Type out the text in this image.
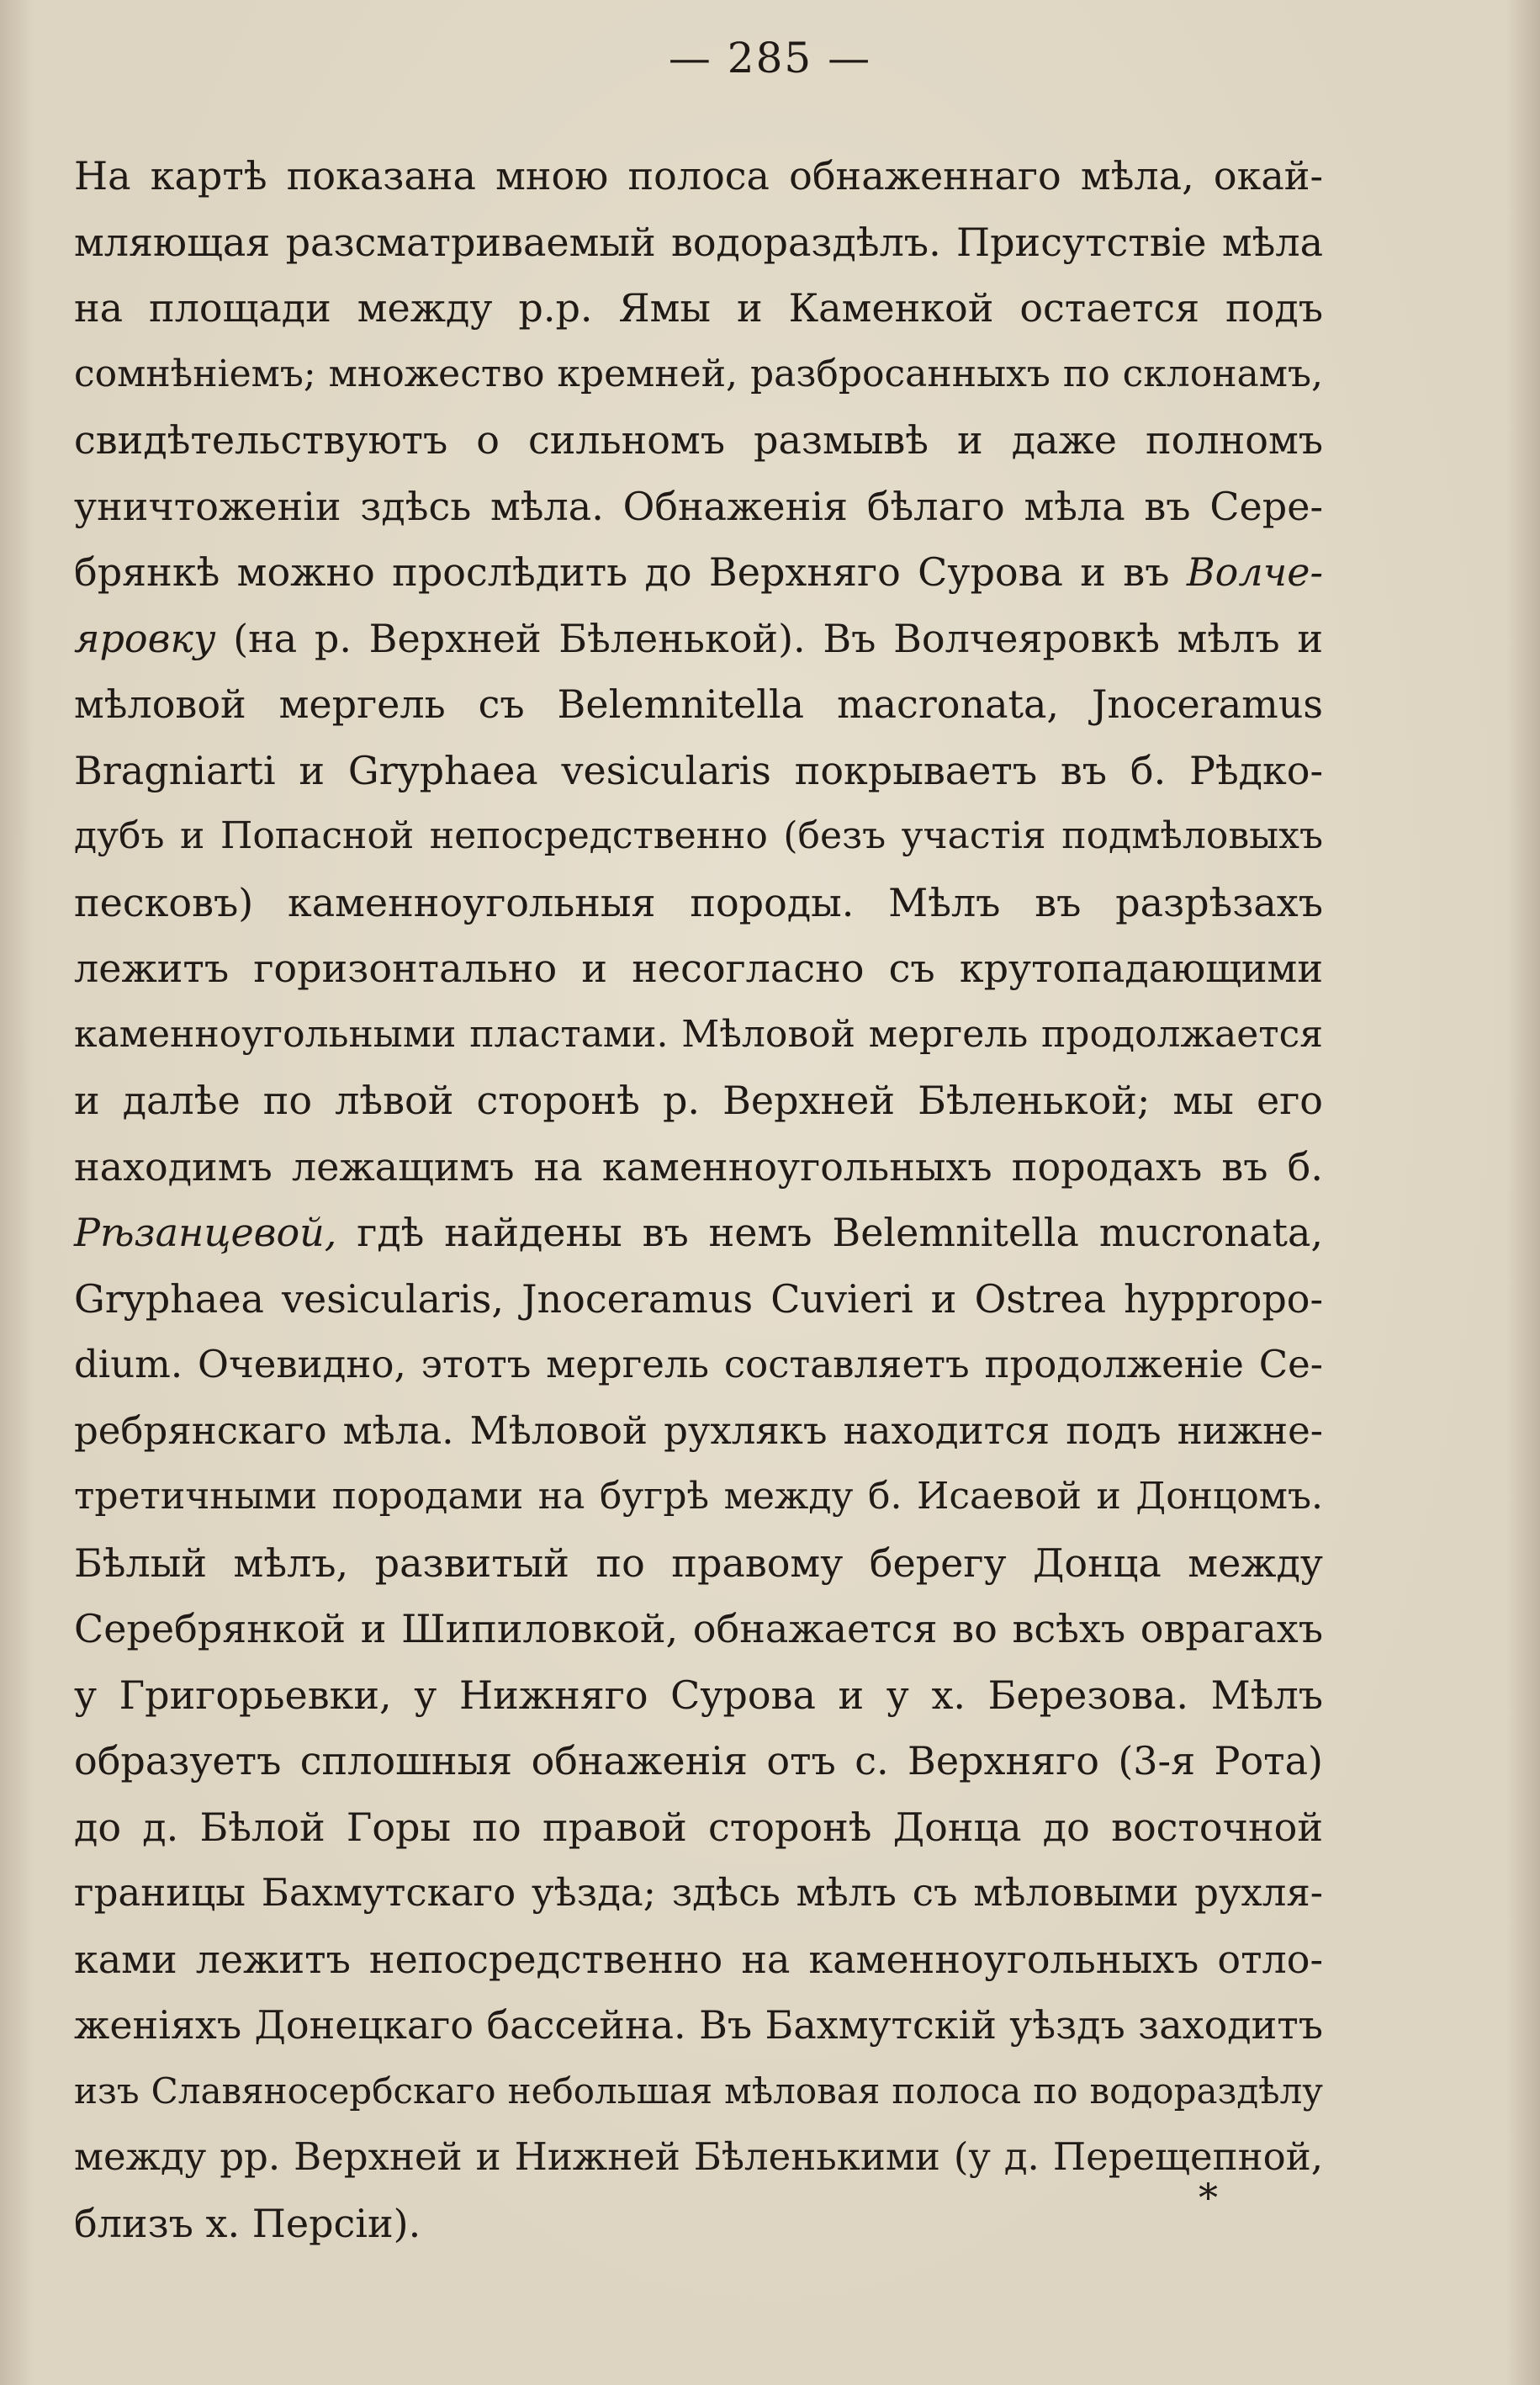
— 285 —
На картѣ показана мною полоса обнаженнаго мѣла, окай-
мляющая разсматриваемый водораздѣлъ. Присутствіе мѣла
на площади между р.р. Ямы и Каменкой остается подъ
сомнѣніемъ; множество кремней, разбросанныхъ по склонамъ,
свидѣтельствуютъ о сильномъ размывѣ и даже полномъ
уничтоженіи здѣсь мѣла. Обнаженія бѣлаго мѣла въ Сере-
брянкѣ можно прослѣдить до Верхняго Сурова и въ Волче-
яровку (на р. Верхней Бѣленькой). Въ Волчеяровкѣ мѣлъ и
мѣловой мергель съ Belemnitella macronata, Jnoceramus
Bragniarti и Gryphaea vesicularis покрываетъ въ б. Рѣдко-
дубъ и Попасной непосредственно (безъ участія подмѣловыхъ
песковъ) каменноугольныя породы. Мѣлъ въ разрѣзахъ
лежитъ горизонтально и несогласно съ крутопадающими
каменноугольными пластами. Мѣловой мергель продолжается
и далѣе по лѣвой сторонѣ р. Верхней Бѣленькой; мы его
находимъ лежащимъ на каменноугольныхъ породахъ въ б.
Рѣзанцевой, гдѣ найдены въ немъ Belemnitella mucronata,
Gryphaea vesicularis, Jnoceramus Cuvieri и Ostrea hyppropo-
dium. Очевидно, этотъ мергель составляетъ продолженіе Се-
ребрянскаго мѣла. Мѣловой рухлякъ находится подъ нижне-
третичными породами на бугрѣ между б. Исаевой и Донцомъ.
Бѣлый мѣлъ, развитый по правому берегу Донца между
Серебрянкой и Шипиловкой, обнажается во всѣхъ оврагахъ
у Григорьевки, у Нижняго Сурова и у х. Березова. Мѣлъ
образуетъ сплошныя обнаженія отъ с. Верхняго (3-я Рота)
до д. Бѣлой Горы по правой сторонѣ Донца до восточной
границы Бахмутскаго уѣзда; здѣсь мѣлъ съ мѣловыми рухля-
ками лежитъ непосредственно на каменноугольныхъ отло-
женіяхъ Донецкаго бассейна. Въ Бахмутскій уѣздъ заходитъ
изъ Славяносербскаго небольшая мѣловая полоса по водораздѣлу
между рр. Верхней и Нижней Бѣленькими (у д. Перещепной,
близъ х. Персіи).
*
